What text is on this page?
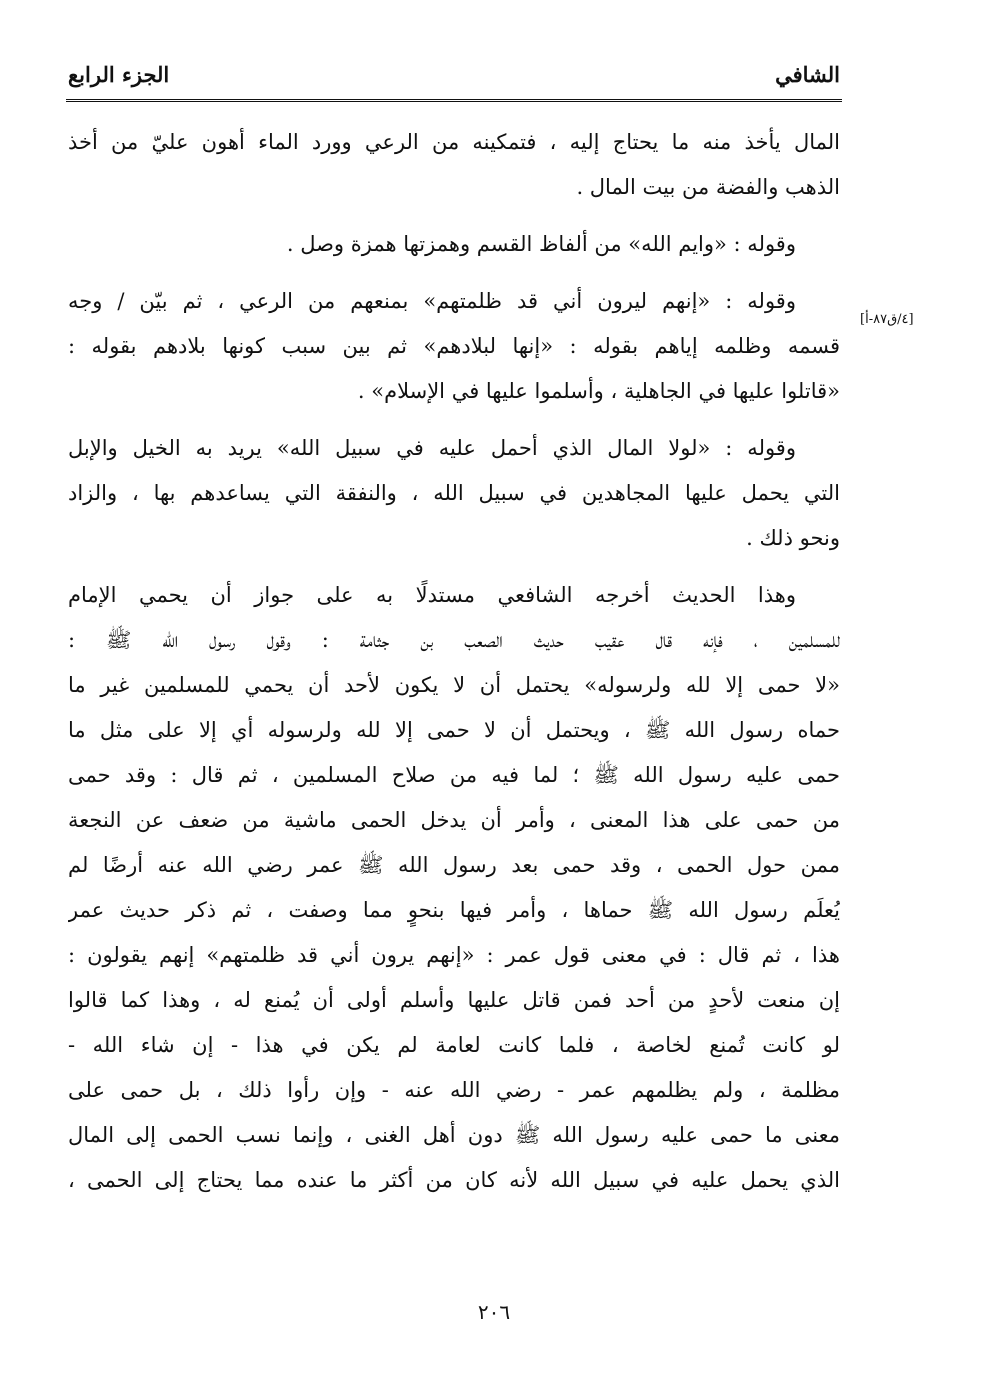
الشافي
الجزء الرابع
[٤/ق٨٧-أ]
المال يأخذ منه ما يحتاج إليه ، فتمكينه من الرعي وورد الماء أهون عليّ من أخذ
الذهب والفضة من بيت المال .
وقوله : «وايم الله» من ألفاظ القسم وهمزتها همزة وصل .
وقوله : «إنهم ليرون أني قد ظلمتهم» بمنعهم من الرعي ، ثم بيّن / وجه
قسمه وظلمه إياهم بقوله : «إنها لبلادهم» ثم بين سبب كونها بلادهم بقوله :
«قاتلوا عليها في الجاهلية ، وأسلموا عليها في الإسلام» .
وقوله : «لولا المال الذي أحمل عليه في سبيل الله» يريد به الخيل والإبل
التي يحمل عليها المجاهدين في سبيل الله ، والنفقة التي يساعدهم بها ، والزاد
ونحو ذلك .
وهذا الحديث أخرجه الشافعي مستدلًا به على جواز أن يحمي الإمام
للمسلمين ، فإنه قال عقيب حديث الصعب بن جثامة : وقول رسول الله ﷺ :
«لا حمى إلا لله ولرسوله» يحتمل أن لا يكون لأحد أن يحمي للمسلمين غير ما
حماه رسول الله ﷺ ، ويحتمل أن لا حمى إلا لله ولرسوله أي إلا على مثل ما
حمى عليه رسول الله ﷺ ؛ لما فيه من صلاح المسلمين ، ثم قال : وقد حمى
من حمى على هذا المعنى ، وأمر أن يدخل الحمى ماشية من ضعف عن النجعة
ممن حول الحمى ، وقد حمى بعد رسول الله ﷺ عمر رضي الله عنه أرضًا لم
يُعلَم رسول الله ﷺ حماها ، وأمر فيها بنحوٍ مما وصفت ، ثم ذكر حديث عمر
هذا ، ثم قال : في معنى قول عمر : «إنهم يرون أني قد ظلمتهم» إنهم يقولون :
إن منعت لأحدٍ من أحد فمن قاتل عليها وأسلم أولى أن يُمنع له ، وهذا كما قالوا
لو كانت تُمنع لخاصة ، فلما كانت لعامة لم يكن في هذا - إن شاء الله -
مظلمة ، ولم يظلمهم عمر - رضي الله عنه - وإن رأوا ذلك ، بل حمى على
معنى ما حمى عليه رسول الله ﷺ دون أهل الغنى ، وإنما نسب الحمى إلى المال
الذي يحمل عليه في سبيل الله لأنه كان من أكثر ما عنده مما يحتاج إلى الحمى ،
٢٠٦
